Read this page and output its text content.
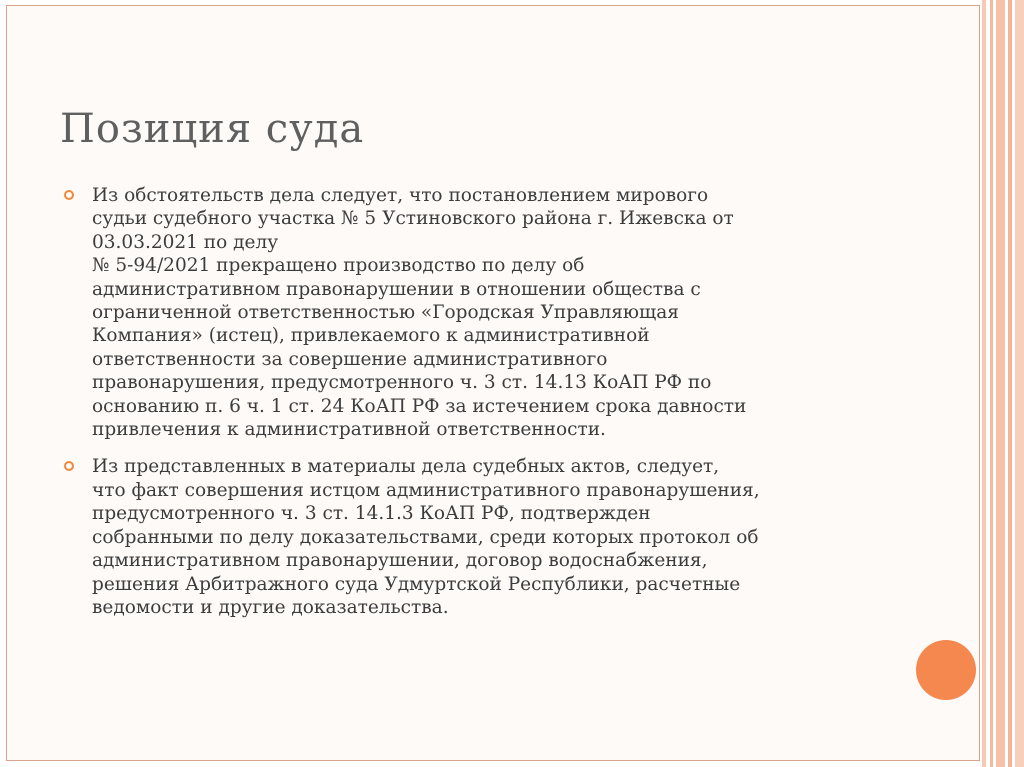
Позиция суда
Из обстоятельств дела следует, что постановлением мирового
судьи судебного участка № 5 Устиновского района г. Ижевска от
03.03.2021 по делу
№ 5-94/2021 прекращено производство по делу об
административном правонарушении в отношении общества с
ограниченной ответственностью «Городская Управляющая
Компания» (истец), привлекаемого к административной
ответственности за совершение административного
правонарушения, предусмотренного ч. 3 ст. 14.13 КоАП РФ по
основанию п. 6 ч. 1 ст. 24 КоАП РФ за истечением срока давности
привлечения к административной ответственности.
Из представленных в материалы дела судебных актов, следует,
что факт совершения истцом административного правонарушения,
предусмотренного ч. 3 ст. 14.1.3 КоАП РФ, подтвержден
собранными по делу доказательствами, среди которых протокол об
административном правонарушении, договор водоснабжения,
решения Арбитражного суда Удмуртской Республики, расчетные
ведомости и другие доказательства.
